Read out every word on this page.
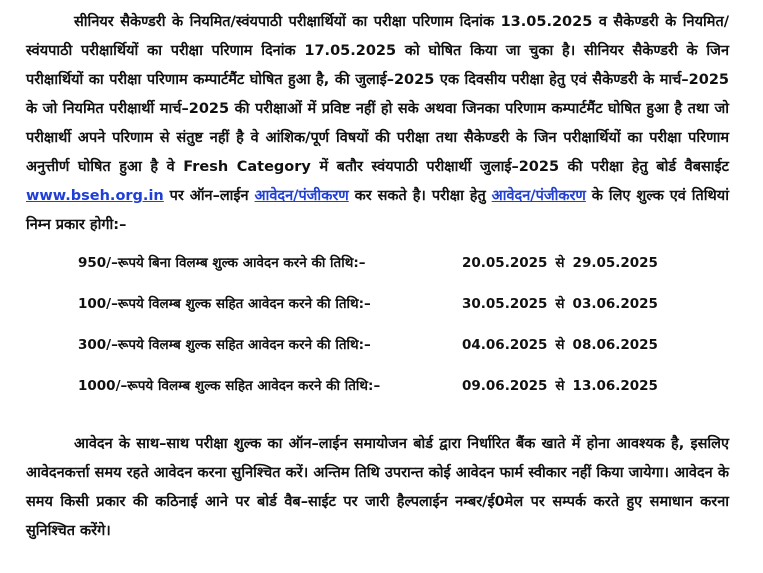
सीनियर सैकेण्डरी के नियमित/स्वंयपाठी परीक्षार्थियों का परीक्षा परिणाम दिनांक 13.05.2025 व सैकेण्डरी के नियमित/स्वंयपाठी परीक्षार्थियों का परीक्षा परिणाम दिनांक 17.05.2025 को घोषित किया जा चुका है। सीनियर सैकेण्डरी के जिन परीक्षार्थियों का परीक्षा परिणाम कम्पार्टमैंट घोषित हुआ है, की जुलाई–2025 एक दिवसीय परीक्षा हेतु एवं सैकेण्डरी के मार्च–2025 के जो नियमित परीक्षार्थी मार्च–2025 की परीक्षाओं में प्रविष्ट नहीं हो सके अथवा जिनका परिणाम कम्पार्टमैंट घोषित हुआ है तथा जो परीक्षार्थी अपने परिणाम से संतुष्ट नहीं है वे आंशिक/पूर्ण विषयों की परीक्षा तथा सैकेण्डरी के जिन परीक्षार्थियों का परीक्षा परिणाम अनुत्तीर्ण घोषित हुआ है वे Fresh Category में बतौर स्वंयपाठी परीक्षार्थी जुलाई–2025 की परीक्षा हेतु बोर्ड वैबसाईट www.bseh.org.in पर ऑन–लाईन आवेदन/पंजीकरण कर सकते है। परीक्षा हेतु आवेदन/पंजीकरण के लिए शुल्क एवं तिथियां निम्न प्रकार होगी:–

950/–रूपये बिना विलम्ब शुल्क आवेदन करने की तिथि:–	20.05.2025 से 29.05.2025
100/–रूपये विलम्ब शुल्क सहित आवेदन करने की तिथि:–	30.05.2025 से 03.06.2025
300/–रूपये विलम्ब शुल्क सहित आवेदन करने की तिथि:–	04.06.2025 से 08.06.2025
1000/–रूपये विलम्ब शुल्क सहित आवेदन करने की तिथि:–	09.06.2025 से 13.06.2025

आवेदन के साथ–साथ परीक्षा शुल्क का ऑन–लाईन समायोजन बोर्ड द्वारा निर्धारित बैंक खाते में होना आवश्यक है, इसलिए आवेदनकर्त्ता समय रहते आवेदन करना सुनिश्चित करें। अन्तिम तिथि उपरान्त कोई आवेदन फार्म स्वीकार नहीं किया जायेगा। आवेदन के समय किसी प्रकार की कठिनाई आने पर बोर्ड वैब–साईट पर जारी हैल्पलाईन नम्बर/ई0मेल पर सम्पर्क करते हुए समाधान करना सुनिश्चित करेंगे।
